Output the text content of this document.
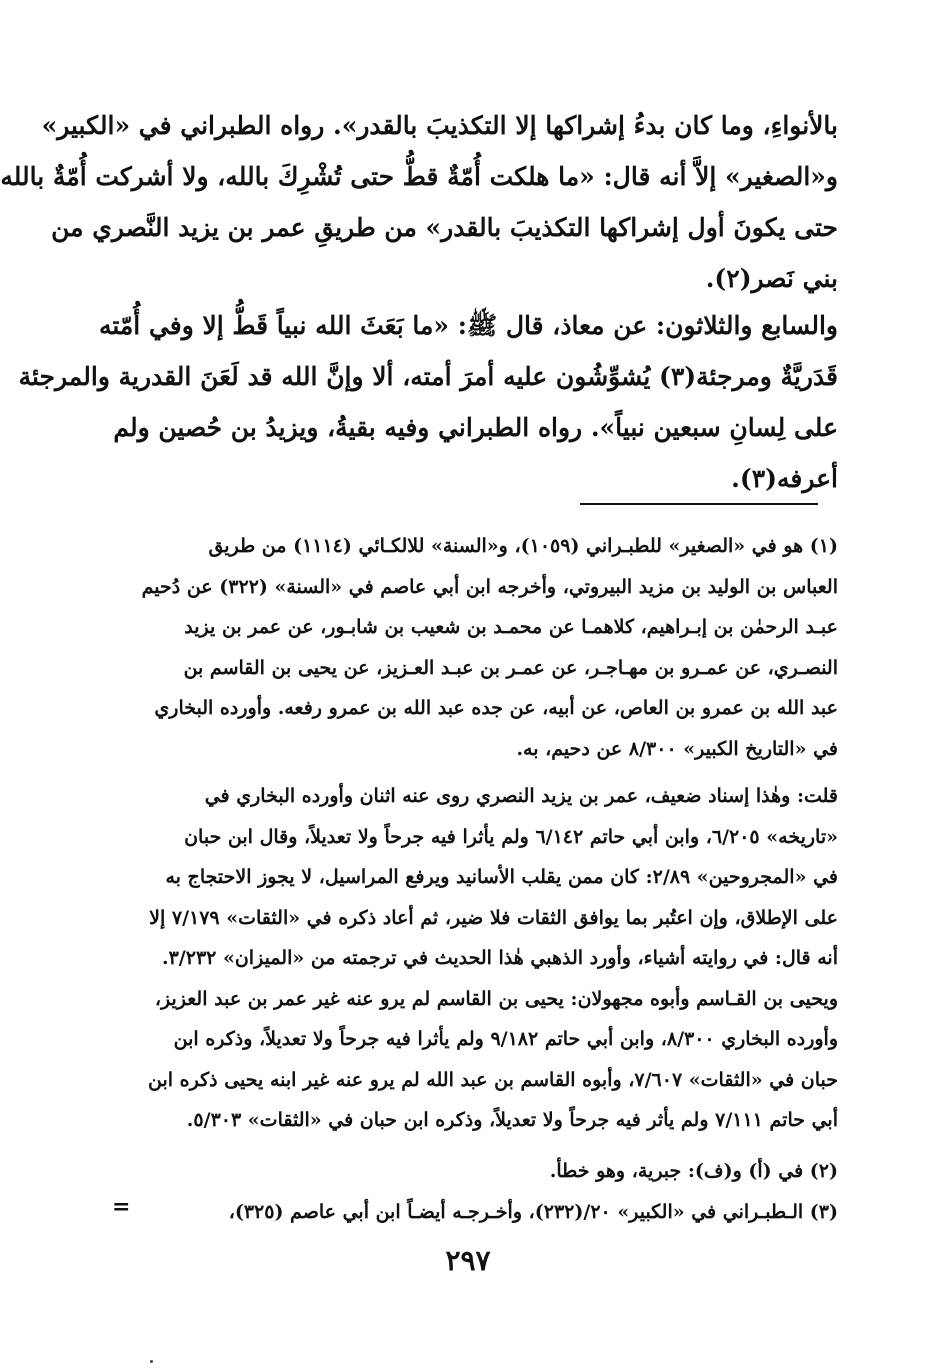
بالأنواءِ، وما كان بدءُ إشراكها إلا التكذيبَ بالقدر». رواه الطبراني في «الكبير»
و«الصغير» إلاَّ أنه قال: «ما هلكت أُمّةٌ قطُّ حتى تُشْرِكَ بالله، ولا أشركت أُمّةٌ بالله
حتى يكونَ أول إشراكها التكذيبَ بالقدر» من طريقِ عمر بن يزيد النَّصري من
بني نَصر(٢).
والسابع والثلاثون: عن معاذ، قال ﷺ: «ما بَعَثَ الله نبياً قَطُّ إلا وفي أُمّته
قَدَريَّةٌ ومرجئة(٣) يُشوِّشُون عليه أمرَ أمته، ألا وإنَّ الله قد لَعَنَ القدرية والمرجئة
على لِسانِ سبعين نبياً». رواه الطبراني وفيه بقيةُ، ويزيدُ بن حُصين ولم
أعرفه(٣).
(١) هو في «الصغير» للطبـراني (١٠٥٩)، و«السنة» للالكـائي (١١١٤) من طريق
العباس بن الوليد بن مزيد البيروتي، وأخرجه ابن أبي عاصم في «السنة» (٣٢٢) عن دُحيم
عبـد الرحمٰن بن إبـراهيم، كلاهمـا عن محمـد بن شعيب بن شابـور، عن عمر بن يزيد
النصـري، عن عمـرو بن مهـاجـر، عن عمـر بن عبـد العـزيز، عن يحيى بن القاسم بن
عبد الله بن عمرو بن العاص، عن أبيه، عن جده عبد الله بن عمرو رفعه. وأورده البخاري
في «التاريخ الكبير» ٨/٣٠٠ عن دحيم، به.
قلت: وهٰذا إسناد ضعيف، عمر بن يزيد النصري روى عنه اثنان وأورده البخاري في
«تاريخه» ٦/٢٠٥، وابن أبي حاتم ٦/١٤٢ ولم يأثرا فيه جرحاً ولا تعديلاً، وقال ابن حبان
في «المجروحين» ٢/٨٩: كان ممن يقلب الأسانيد ويرفع المراسيل، لا يجوز الاحتجاج به
على الإطلاق، وإن اعتُبر بما يوافق الثقات فلا ضير، ثم أعاد ذكره في «الثقات» ٧/١٧٩ إلا
أنه قال: في روايته أشياء، وأورد الذهبي هٰذا الحديث في ترجمته من «الميزان» ٣/٢٣٢.
ويحيى بن القـاسم وأبوه مجهولان: يحيى بن القاسم لم يرو عنه غير عمر بن عبد العزيز،
وأورده البخاري ٨/٣٠٠، وابن أبي حاتم ٩/١٨٢ ولم يأثرا فيه جرحاً ولا تعديلاً، وذكره ابن
حبان في «الثقات» ٧/٦٠٧، وأبوه القاسم بن عبد الله لم يرو عنه غير ابنه يحيى ذكره ابن
أبي حاتم ٧/١١١ ولم يأثر فيه جرحاً ولا تعديلاً، وذكره ابن حبان في «الثقات» ٥/٣٠٣.
(٢) في (أ) و(ف): جبرية، وهو خطأ.
(٣) الـطبـراني في «الكبير» ٢٠/(٢٣٢)، وأخـرجـه أيضـاً ابن أبي عاصم (٣٢٥)،
=
٢٩٧
